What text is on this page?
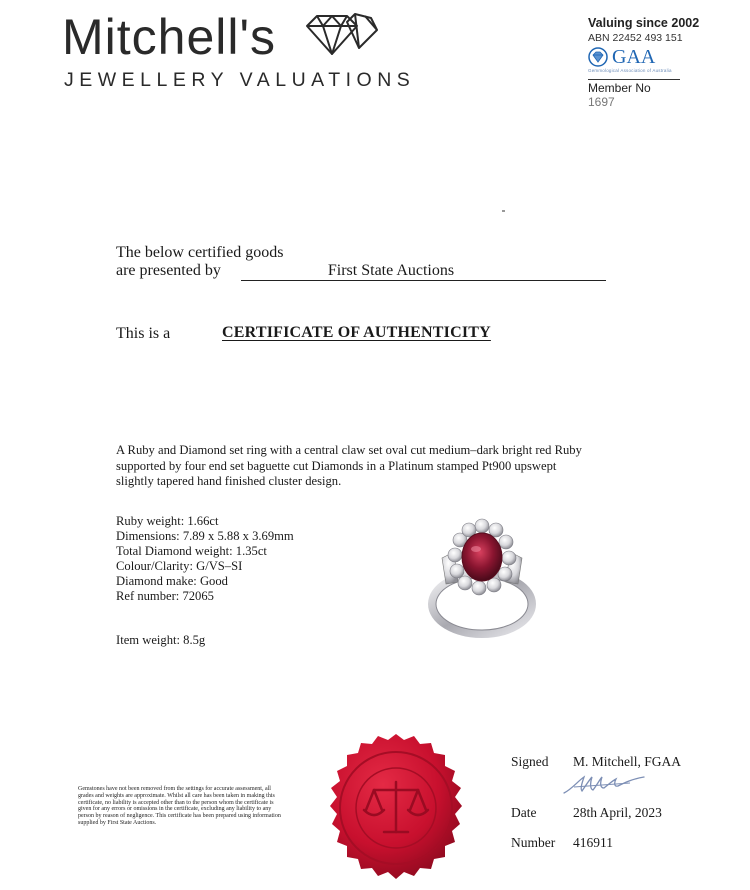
Mitchell's
JEWELLERY VALUATIONS
Valuing since 2002
ABN 22452 493 151
GAA
Gemmological Association of Australia
Member No 1697
The below certified goods
are presented by	First State Auctions
This is a	CERTIFICATE OF AUTHENTICITY
A Ruby and Diamond set ring with a central claw set oval cut medium–dark bright red Ruby supported by four end set baguette cut Diamonds in a Platinum stamped Pt900 upswept slightly tapered hand finished cluster design.
Ruby weight: 1.66ct
Dimensions: 7.89 x 5.88 x 3.69mm
Total Diamond weight: 1.35ct
Colour/Clarity: G/VS–SI
Diamond make: Good
Ref number: 72065
Item weight: 8.5g
Gemstones have not been removed from the settings for accurate assessment, all grades and weights are approximate. Whilst all care has been taken in making this certificate, no liability is accepted other than to the person whom the certificate is given for any errors or omissions in the certificate, excluding any liability to any person by reason of negligence. This certificate has been prepared using information supplied by First State Auctions.
Signed M. Mitchell, FGAA
Date	28th April, 2023
Number 416911
